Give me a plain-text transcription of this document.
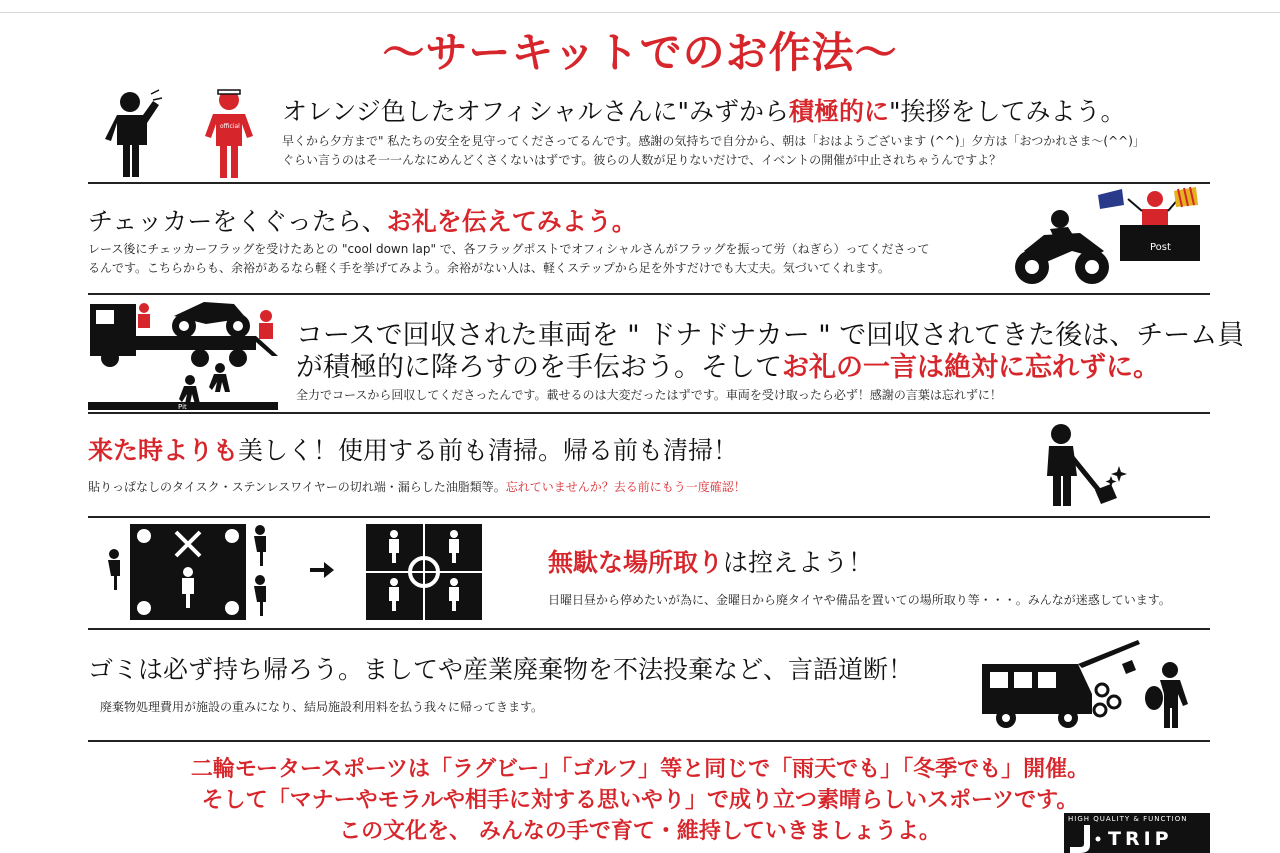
〜サーキットでのお作法〜
official
オレンジ色したオフィシャルさんに"みずから積極的に"挨拶をしてみよう。
早くから夕方まで" 私たちの安全を見守ってくださってるんです。感謝の気持ちで自分から、朝は「おはようございます (^^)」夕方は「おつかれさま〜(^^)」
ぐらい言うのはそ一一んなにめんどくさくないはずです。彼らの人数が足りないだけで、イベントの開催が中止されちゃうんですよ？
チェッカーをくぐったら、お礼を伝えてみよう。
レース後にチェッカーフラッグを受けたあとの "cool down lap" で、各フラッグポストでオフィシャルさんがフラッグを振って労（ねぎら）ってくださって
るんです。こちらからも、余裕があるなら軽く手を挙げてみよう。余裕がない人は、軽くステップから足を外すだけでも大丈夫。気づいてくれます。
Post
Pit
コースで回収された車両を " ドナドナカー " で回収されてきた後は、チーム員
が積極的に降ろすのを手伝おう。そしてお礼の一言は絶対に忘れずに。
全力でコースから回収してくださったんです。載せるのは大変だったはずです。車両を受け取ったら必ず！感謝の言葉は忘れずに！
来た時よりも美しく！使用する前も清掃。帰る前も清掃！
貼りっぱなしのタイスク・ステンレスワイヤーの切れ端・漏らした油脂類等。忘れていませんか？去る前にもう一度確認！
無駄な場所取りは控えよう！
日曜日昼から停めたいが為に、金曜日から廃タイヤや備品を置いての場所取り等・・・。みんなが迷惑しています。
ゴミは必ず持ち帰ろう。ましてや産業廃棄物を不法投棄など、言語道断！
廃棄物処理費用が施設の重みになり、結局施設利用料を払う我々に帰ってきます。
二輪モータースポーツは「ラグビー」「ゴルフ」等と同じで「雨天でも」「冬季でも」開催。
そして「マナーやモラルや相手に対する思いやり」で成り立つ素晴らしいスポーツです。
この文化を、 みんなの手で育て・維持していきましょうよ。	HIGH QUALITY & FUNCTION
TRIP
